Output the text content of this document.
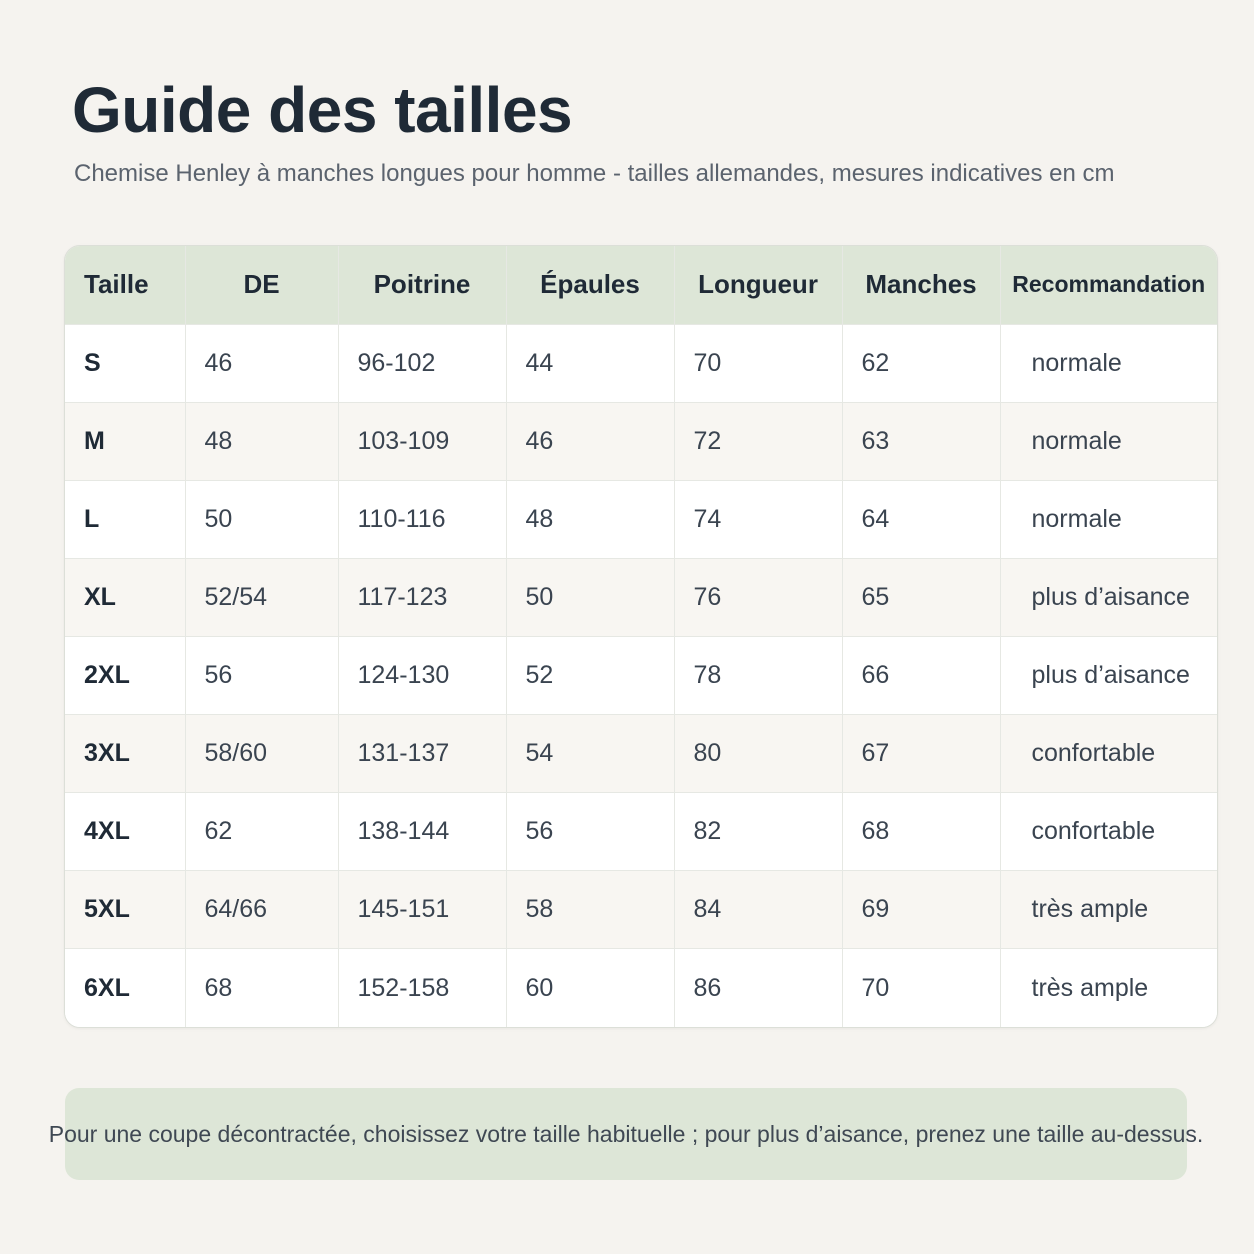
Guide des tailles

Chemise Henley à manches longues pour homme - tailles allemandes, mesures indicatives en cm

Taille	DE	Poitrine	Épaules	Longueur	Manches	Recommandation
S	46	96-102	44	70	62	normale
M	48	103-109	46	72	63	normale
L	50	110-116	48	74	64	normale
XL	52/54	117-123	50	76	65	plus d’aisance
2XL	56	124-130	52	78	66	plus d’aisance
3XL	58/60	131-137	54	80	67	confortable
4XL	62	138-144	56	82	68	confortable
5XL	64/66	145-151	58	84	69	très ample
6XL	68	152-158	60	86	70	très ample
Pour une coupe décontractée, choisissez votre taille habituelle ; pour plus d’aisance, prenez une taille au-dessus.
